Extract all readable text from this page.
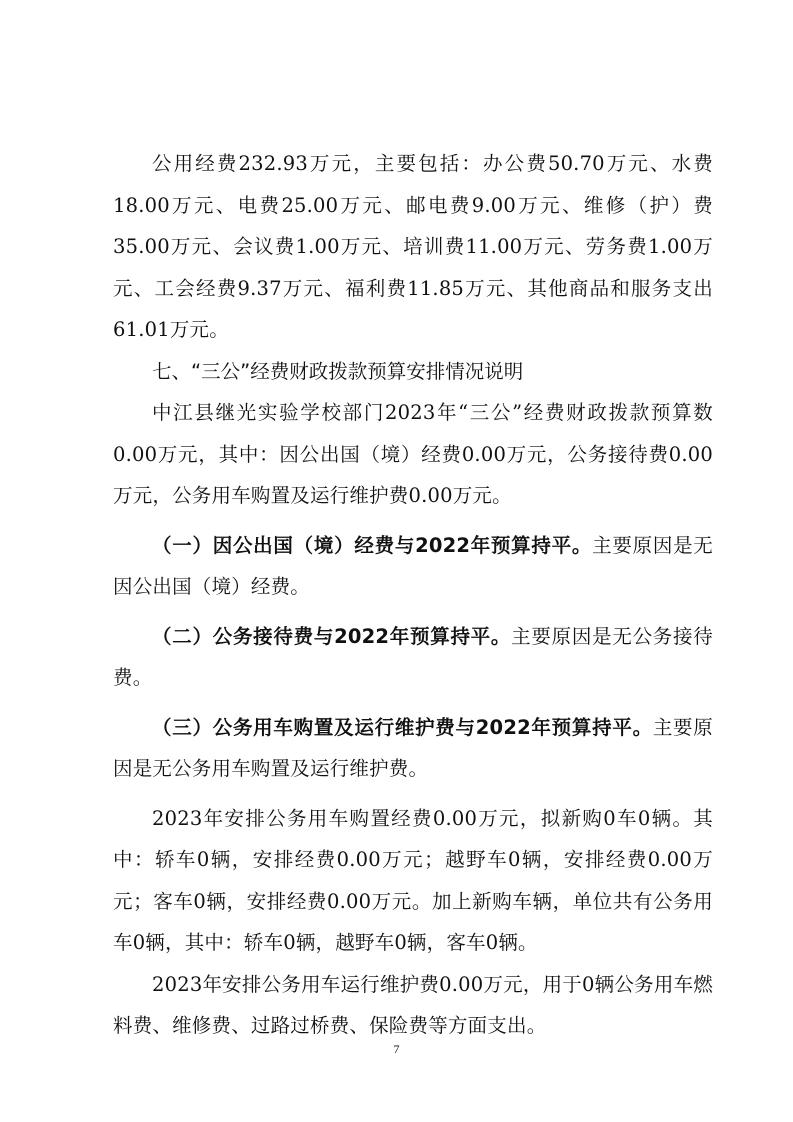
公用经费232.93万元，主要包括：办公费50.70万元、水费18.00万元、电费25.00万元、邮电费9.00万元、维修（护）费35.00万元、会议费1.00万元、培训费11.00万元、劳务费1.00万元、工会经费9.37万元、福利费11.85万元、其他商品和服务支出61.01万元。

七、“三公”经费财政拨款预算安排情况说明

中江县继光实验学校部门2023年“三公”经费财政拨款预算数0.00万元，其中：因公出国（境）经费0.00万元，公务接待费0.00万元，公务用车购置及运行维护费0.00万元。

（一）因公出国（境）经费与2022年预算持平。主要原因是无因公出国（境）经费。

（二）公务接待费与2022年预算持平。主要原因是无公务接待费。

（三）公务用车购置及运行维护费与2022年预算持平。主要原因是无公务用车购置及运行维护费。

2023年安排公务用车购置经费0.00万元，拟新购0车0辆。其中：轿车0辆，安排经费0.00万元；越野车0辆，安排经费0.00万元；客车0辆，安排经费0.00万元。加上新购车辆，单位共有公务用车0辆，其中：轿车0辆，越野车0辆，客车0辆。

2023年安排公务用车运行维护费0.00万元，用于0辆公务用车燃料费、维修费、过路过桥费、保险费等方面支出。

7
